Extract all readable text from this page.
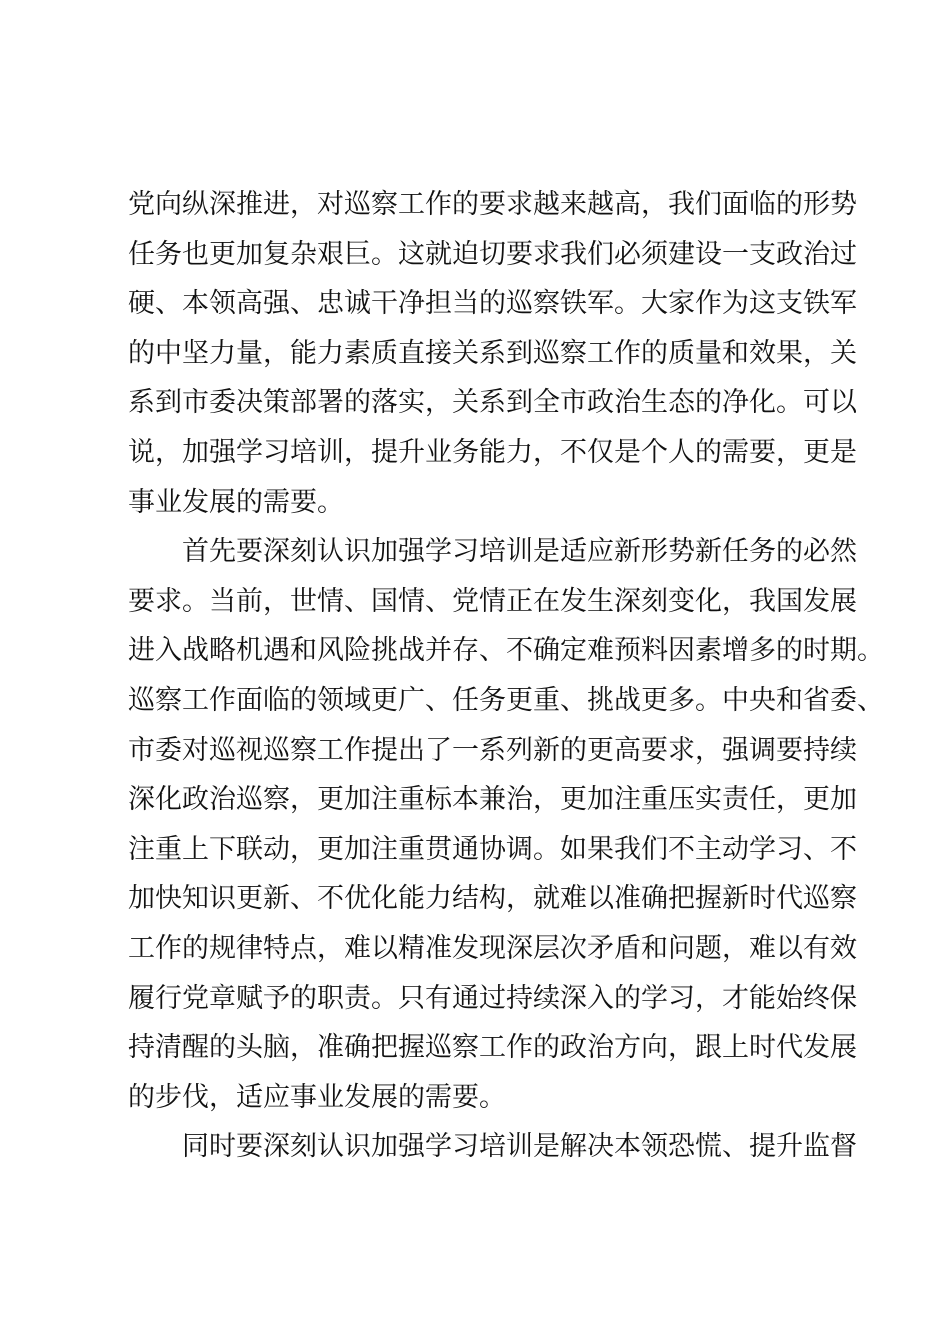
党向纵深推进，对巡察工作的要求越来越高，我们面临的形势
任务也更加复杂艰巨。这就迫切要求我们必须建设一支政治过
硬、本领高强、忠诚干净担当的巡察铁军。大家作为这支铁军
的中坚力量，能力素质直接关系到巡察工作的质量和效果，关
系到市委决策部署的落实，关系到全市政治生态的净化。可以
说，加强学习培训，提升业务能力，不仅是个人的需要，更是
事业发展的需要。
首先要深刻认识加强学习培训是适应新形势新任务的必然
要求。当前，世情、国情、党情正在发生深刻变化，我国发展
进入战略机遇和风险挑战并存、不确定难预料因素增多的时期。
巡察工作面临的领域更广、任务更重、挑战更多。中央和省委、
市委对巡视巡察工作提出了一系列新的更高要求，强调要持续
深化政治巡察，更加注重标本兼治，更加注重压实责任，更加
注重上下联动，更加注重贯通协调。如果我们不主动学习、不
加快知识更新、不优化能力结构，就难以准确把握新时代巡察
工作的规律特点，难以精准发现深层次矛盾和问题，难以有效
履行党章赋予的职责。只有通过持续深入的学习，才能始终保
持清醒的头脑，准确把握巡察工作的政治方向，跟上时代发展
的步伐，适应事业发展的需要。
同时要深刻认识加强学习培训是解决本领恐慌、提升监督
